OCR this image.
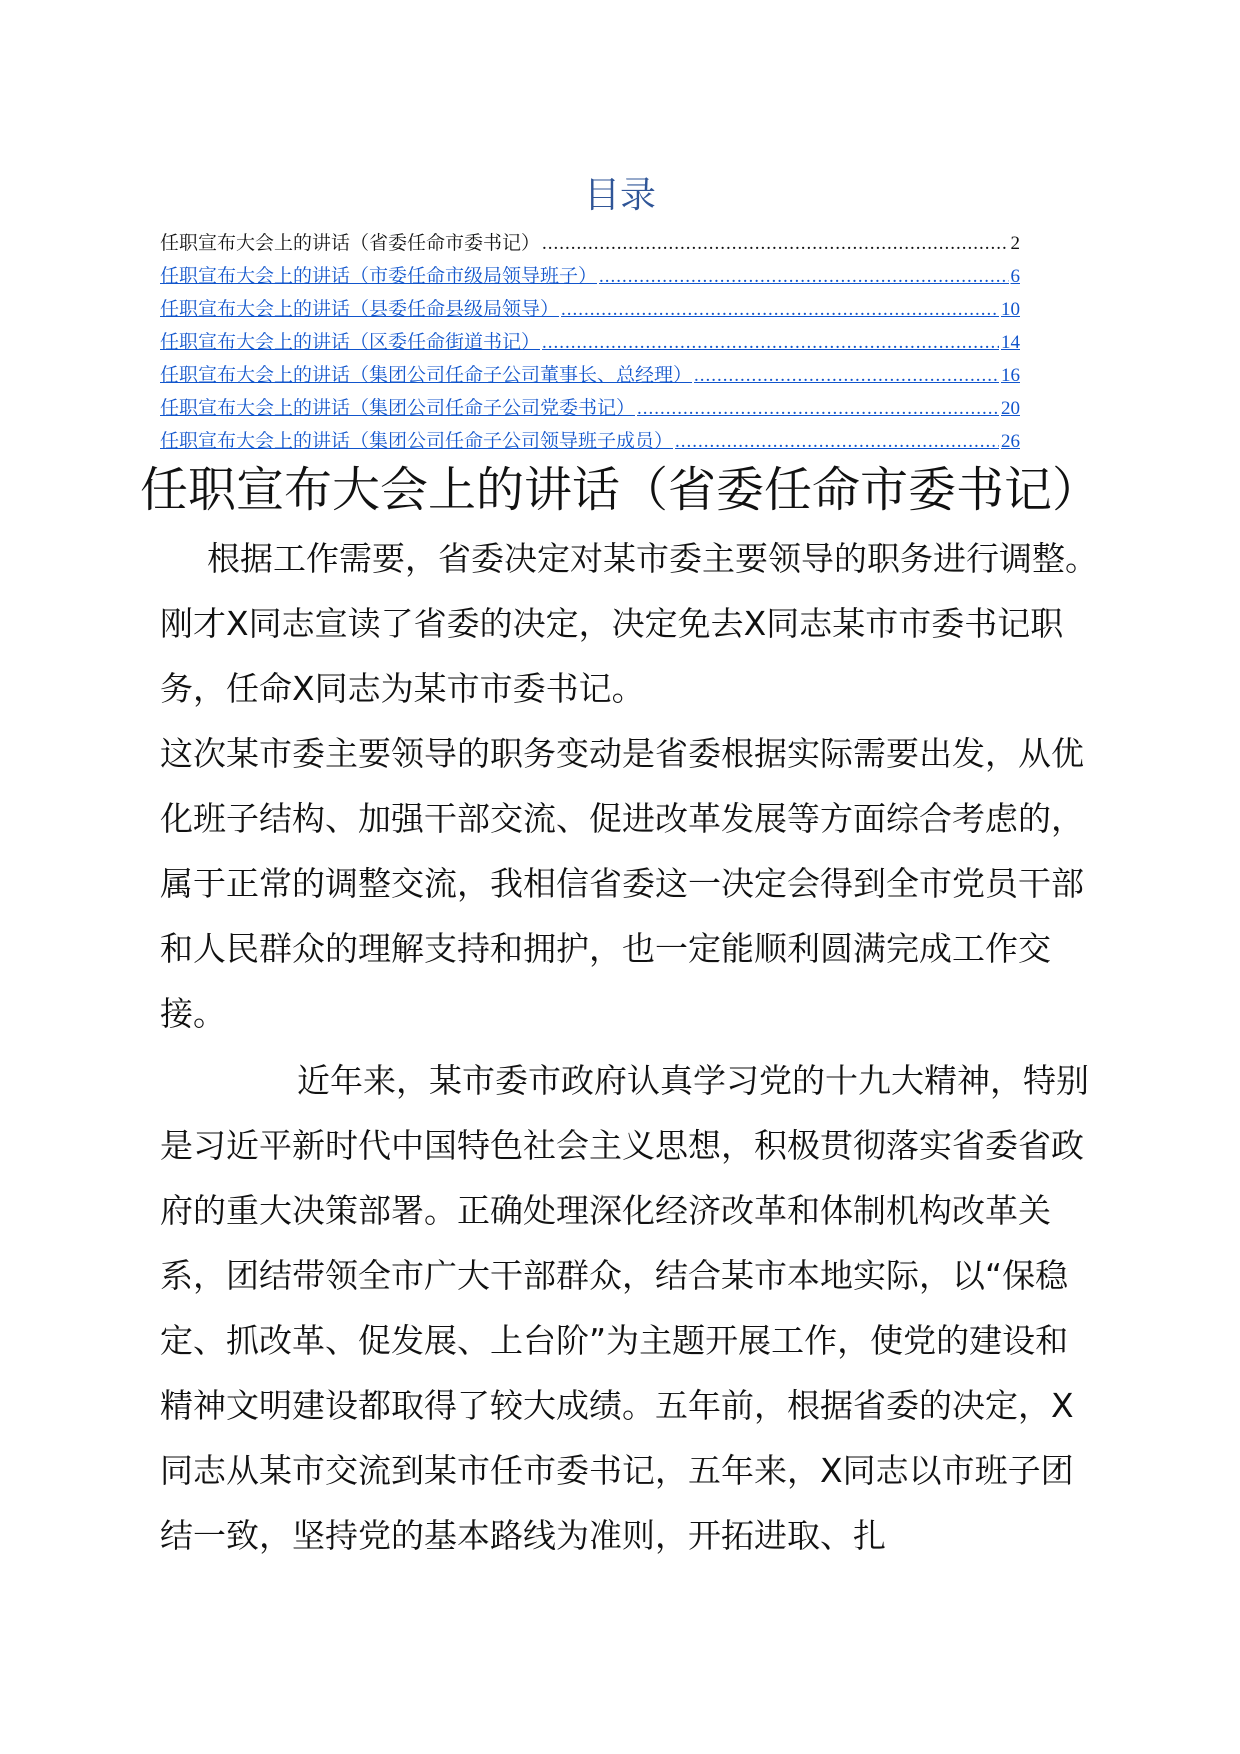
目录
任职宣布大会上的讲话（省委任命市委书记） .....	2
任职宣布大会上的讲话（市委任命市级局领导班子） .....	6
任职宣布大会上的讲话（县委任命县级局领导） .....	10
任职宣布大会上的讲话（区委任命街道书记） .....	14
任职宣布大会上的讲话（集团公司任命子公司董事长、总经理） .....	16
任职宣布大会上的讲话（集团公司任命子公司党委书记） .....	20
任职宣布大会上的讲话（集团公司任命子公司领导班子成员） .....	26
任职宣布大会上的讲话（省委任命市委书记）

根据工作需要，省委决定对某市委主要领导的职务进行调整。刚才X同志宣读了省委的决定，决定免去X同志某市市委书记职务，任命X同志为某市市委书记。

这次某市委主要领导的职务变动是省委根据实际需要出发，从优化班子结构、加强干部交流、促进改革发展等方面综合考虑的，属于正常的调整交流，我相信省委这一决定会得到全市党员干部和人民群众的理解支持和拥护，也一定能顺利圆满完成工作交接。

近年来，某市委市政府认真学习党的十九大精神，特别是习近平新时代中国特色社会主义思想，积极贯彻落实省委省政府的重大决策部署。正确处理深化经济改革和体制机构改革关系，团结带领全市广大干部群众，结合某市本地实际，以“保稳定、抓改革、促发展、上台阶”为主题开展工作，使党的建设和精神文明建设都取得了较大成绩。五年前，根据省委的决定，X同志从某市交流到某市任市委书记，五年来，X同志以市班子团结一致，坚持党的基本路线为准则，开拓进取、扎
